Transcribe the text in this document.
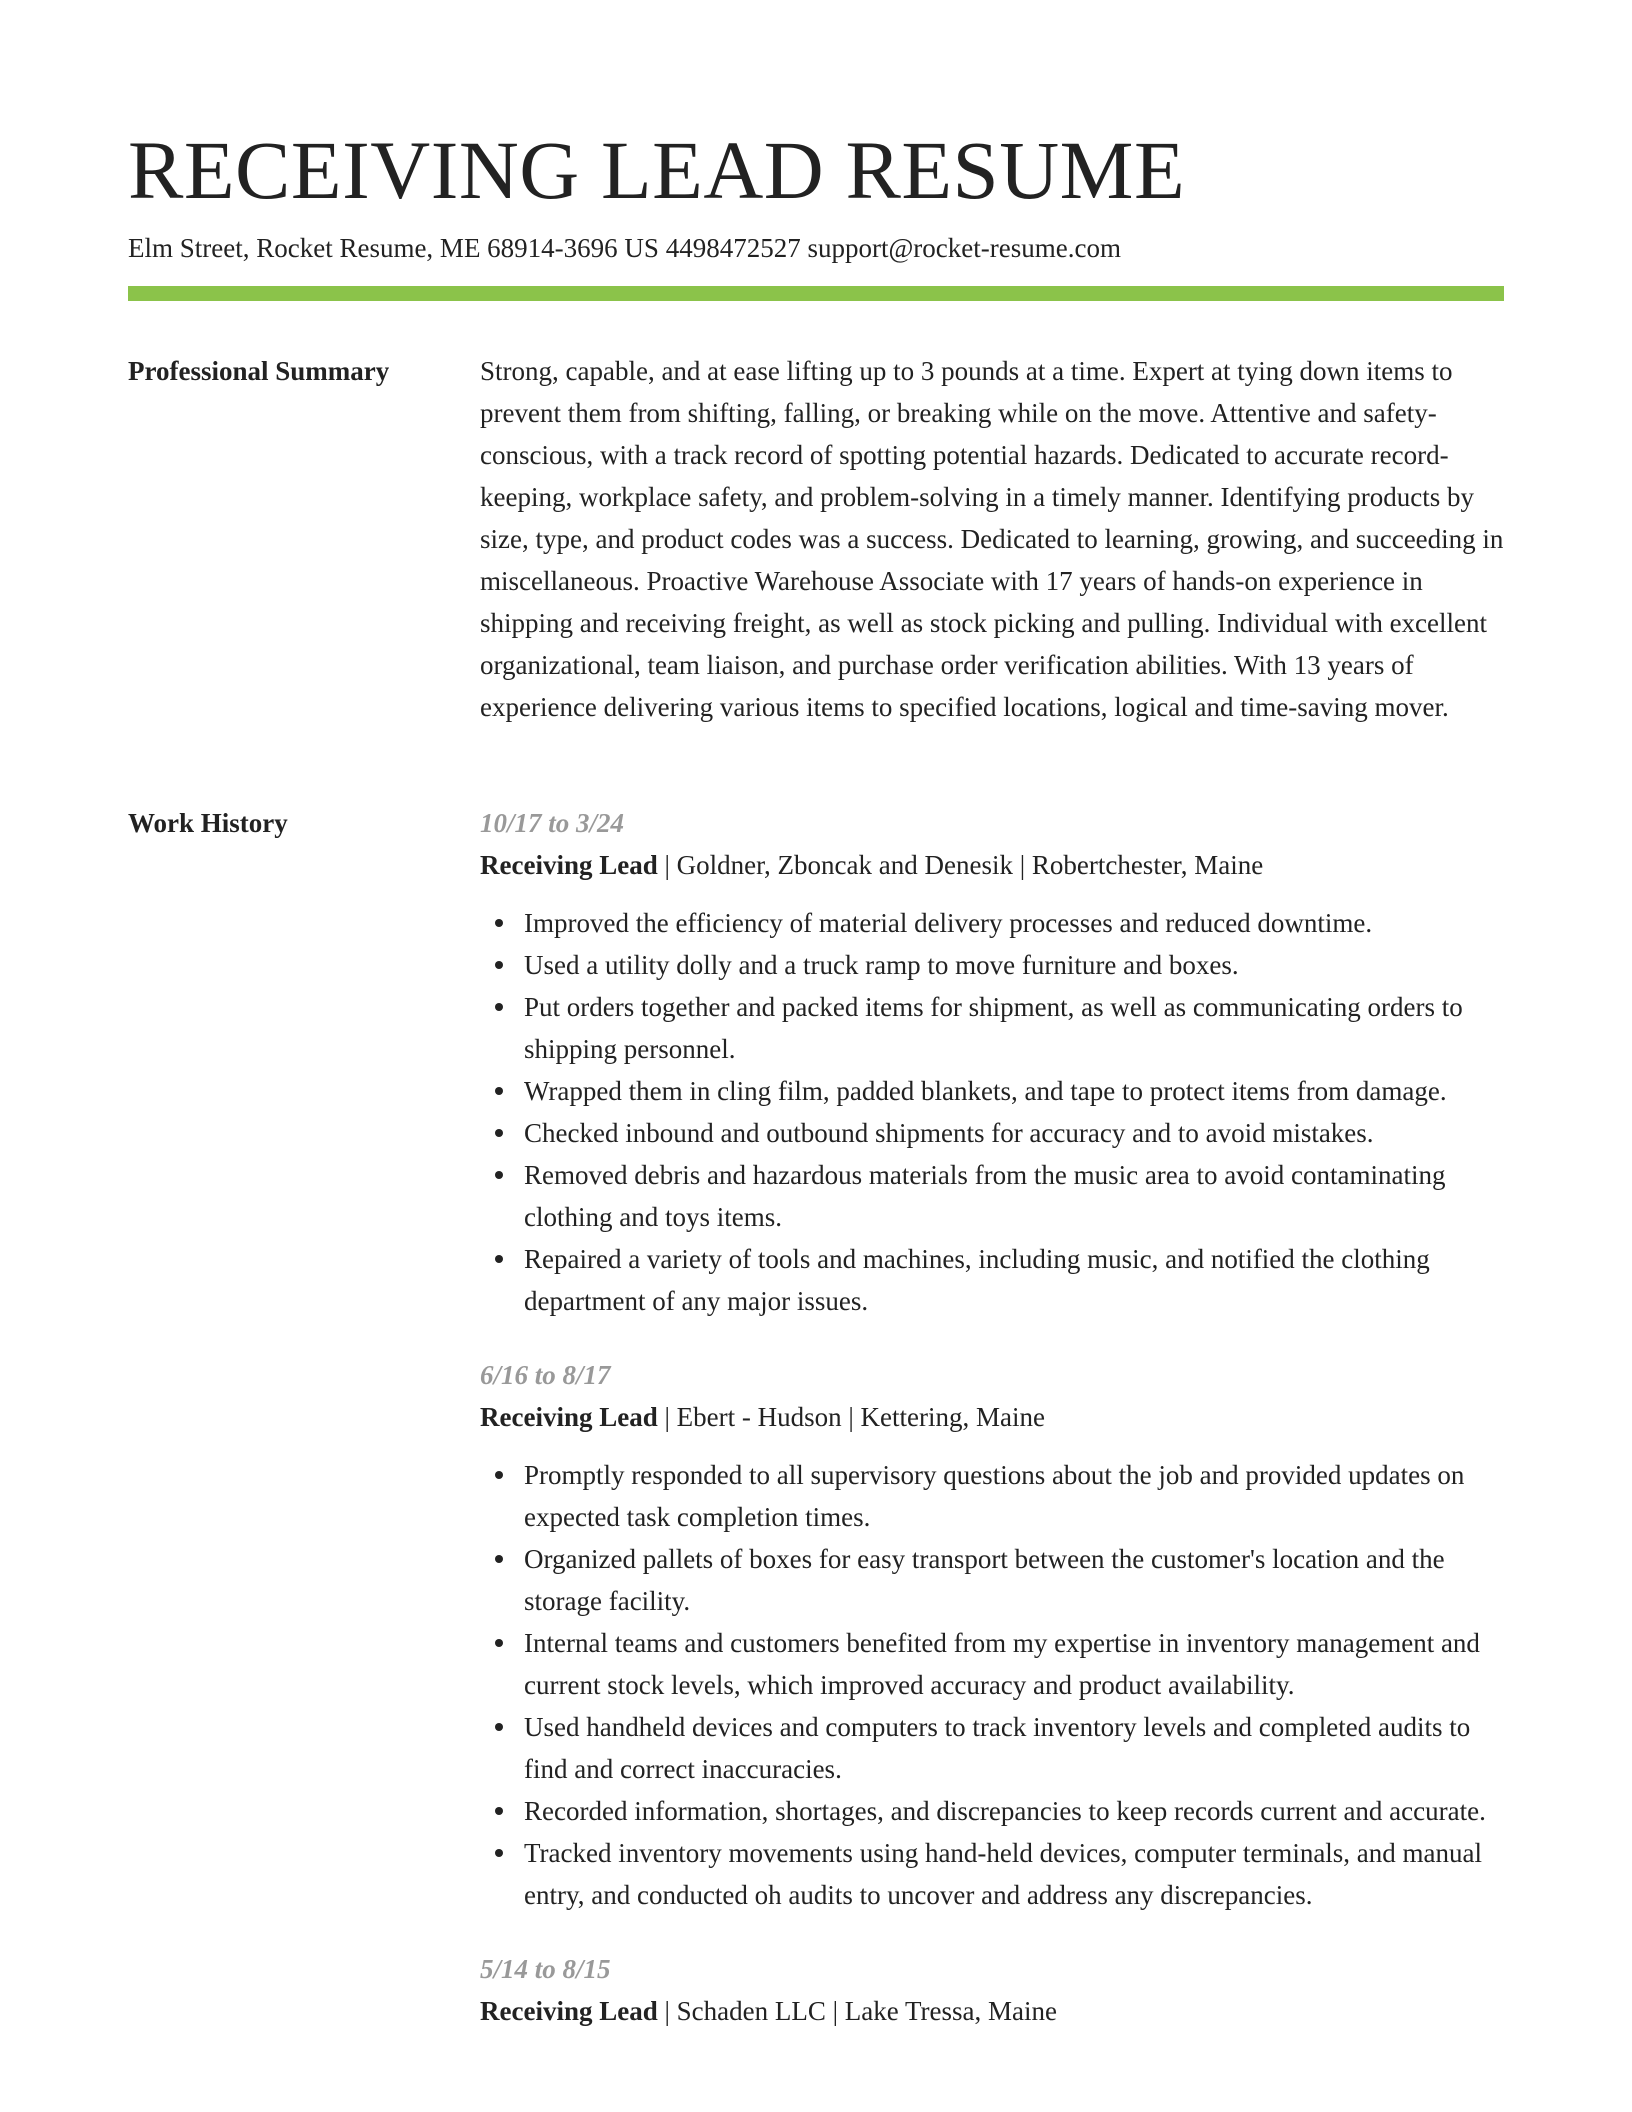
RECEIVING LEAD RESUME
Elm Street, Rocket Resume, ME 68914-3696 US 4498472527 support@rocket-resume.com
Professional Summary	Strong, capable, and at ease lifting up to 3 pounds at a time. Expert at tying down items to prevent them from shifting, falling, or breaking while on the move. Attentive and safety-conscious, with a track record of spotting potential hazards. Dedicated to accurate record-keeping, workplace safety, and problem-solving in a timely manner. Identifying products by size, type, and product codes was a success. Dedicated to learning, growing, and succeeding in miscellaneous. Proactive Warehouse Associate with 17 years of hands-on experience in shipping and receiving freight, as well as stock picking and pulling. Individual with excellent organizational, team liaison, and purchase order verification abilities. With 13 years of experience delivering various items to specified locations, logical and time-saving mover.
Work History	10/17 to 3/24
Receiving Lead | Goldner, Zboncak and Denesik | Robertchester, Maine
Improved the efficiency of material delivery processes and reduced downtime.
Used a utility dolly and a truck ramp to move furniture and boxes.
Put orders together and packed items for shipment, as well as communicating orders to shipping personnel.
Wrapped them in cling film, padded blankets, and tape to protect items from damage.
Checked inbound and outbound shipments for accuracy and to avoid mistakes.
Removed debris and hazardous materials from the music area to avoid contaminating clothing and toys items.
Repaired a variety of tools and machines, including music, and notified the clothing department of any major issues.
6/16 to 8/17
Receiving Lead | Ebert - Hudson | Kettering, Maine
Promptly responded to all supervisory questions about the job and provided updates on expected task completion times.
Organized pallets of boxes for easy transport between the customer's location and the storage facility.
Internal teams and customers benefited from my expertise in inventory management and current stock levels, which improved accuracy and product availability.
Used handheld devices and computers to track inventory levels and completed audits to find and correct inaccuracies.
Recorded information, shortages, and discrepancies to keep records current and accurate.
Tracked inventory movements using hand-held devices, computer terminals, and manual entry, and conducted oh audits to uncover and address any discrepancies.
5/14 to 8/15
Receiving Lead | Schaden LLC | Lake Tressa, Maine
